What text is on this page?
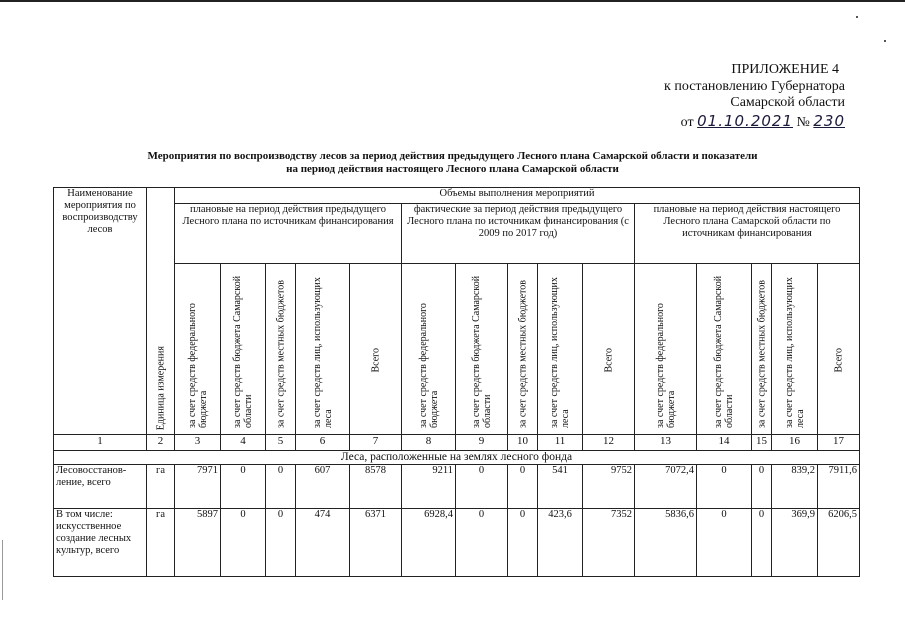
ПРИЛОЖЕНИЕ 4
к постановлению Губернатора
Самарской области
от 01.10.2021 № 230
Мероприятия по воспроизводству лесов за период действия предыдущего Лесного плана Самарской области и показатели
на период действия настоящего Лесного плана Самарской области
Наименование мероприятия по воспроизводству лесов	Единица измерения	Объемы выполнения мероприятий														
		плановые на период действия предыдущего Лесного плана по источникам финансирования					фактические за период действия предыдущего Лесного плана по источникам финансирования (с 2009 по 2017 год)					плановые на период действия настоящего Лесного плана Самарской области по источникам финансирования				

		за счет средств федерального бюджета	за счет средств бюджета Самарской области	за счет средств местных бюджетов	за счет средств лиц, использующих леса	Всего	за счет средств федерального бюджета	за счет средств бюджета Самарской области	за счет средств местных бюджетов	за счет средств лиц, использующих леса	Всего	за счет средств федерального бюджета	за счет средств бюджета Самарской области	за счет средств местных бюджетов	за счет средств лиц, использующих леса	Всего

1	2	3	4	5	6	7	8	9	10	11	12	13	14	15	16	17
Леса, расположенные на землях лесного фонда																
Лесовосстанов-ление, всего	га	7971	0	0	607	8578	9211	0	0	541	9752	7072,4	0	0	839,2	7911,6
В том числе: искусственное создание лесных культур, всего	га	5897	0	0	474	6371	6928,4	0	0	423,6	7352	5836,6	0	0	369,9	6206,5
